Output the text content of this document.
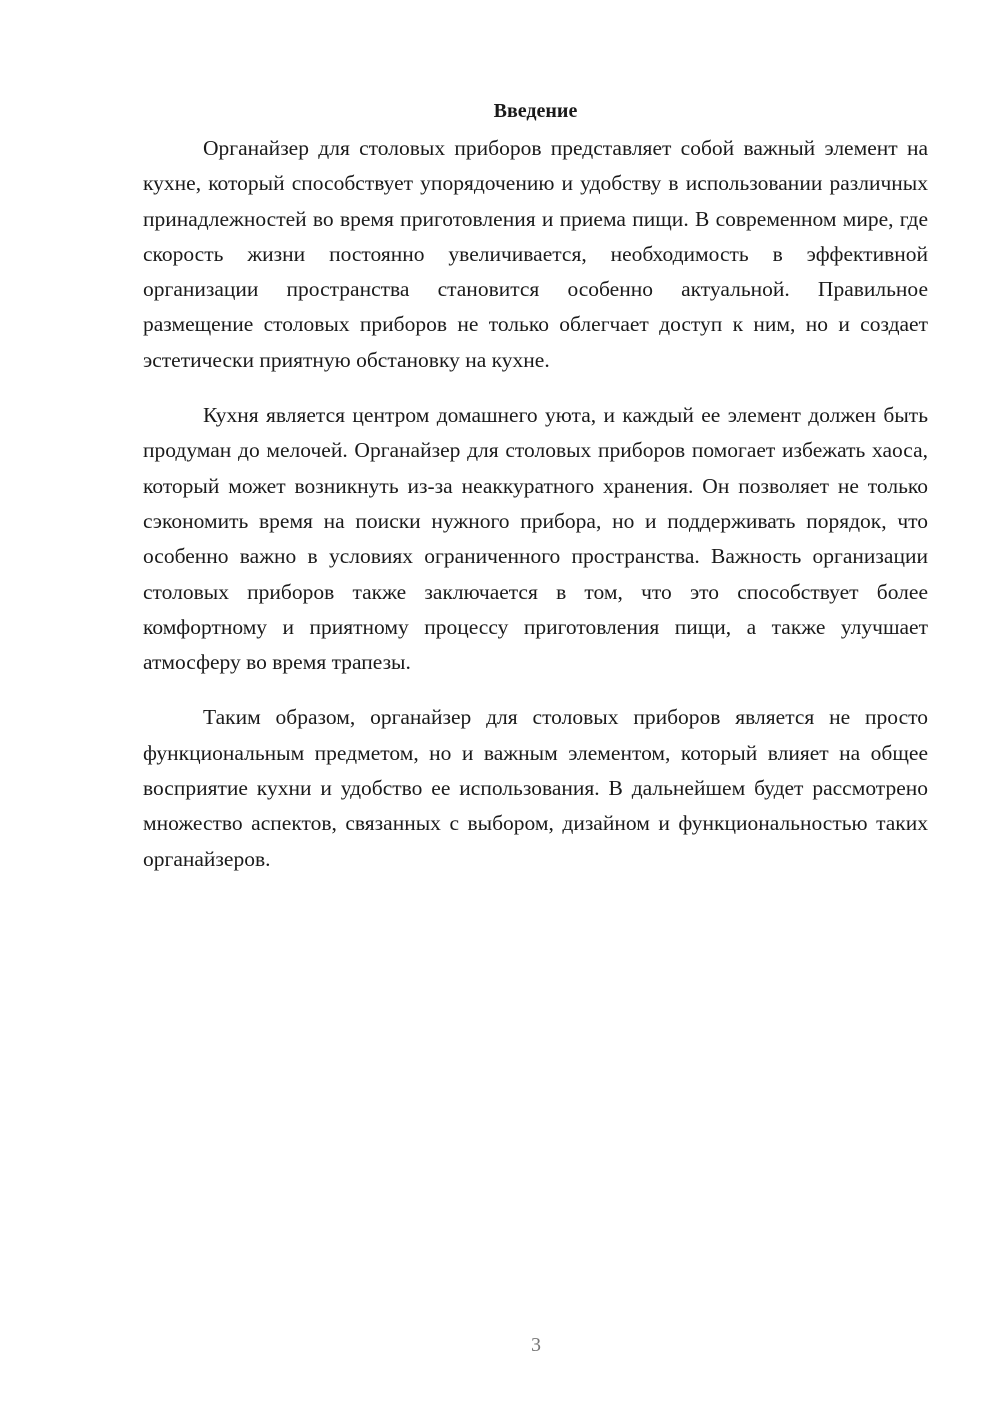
Введение

Органайзер для столовых приборов представляет собой важный элемент на кухне, который способствует упорядочению и удобству в использовании различных принадлежностей во время приготовления и приема пищи. В современном мире, где скорость жизни постоянно увеличивается, необходимость в эффективной организации пространства становится особенно актуальной. Правильное размещение столовых приборов не только облегчает доступ к ним, но и создает эстетически приятную обстановку на кухне.

Кухня является центром домашнего уюта, и каждый ее элемент должен быть продуман до мелочей. Органайзер для столовых приборов помогает избежать хаоса, который может возникнуть из-за неаккуратного хранения. Он позволяет не только сэкономить время на поиски нужного прибора, но и поддерживать порядок, что особенно важно в условиях ограниченного пространства. Важность организации столовых приборов также заключается в том, что это способствует более комфортному и приятному процессу приготовления пищи, а также улучшает атмосферу во время трапезы.

Таким образом, органайзер для столовых приборов является не просто функциональным предметом, но и важным элементом, который влияет на общее восприятие кухни и удобство ее использования. В дальнейшем будет рассмотрено множество аспектов, связанных с выбором, дизайном и функциональностью таких органайзеров.

3
